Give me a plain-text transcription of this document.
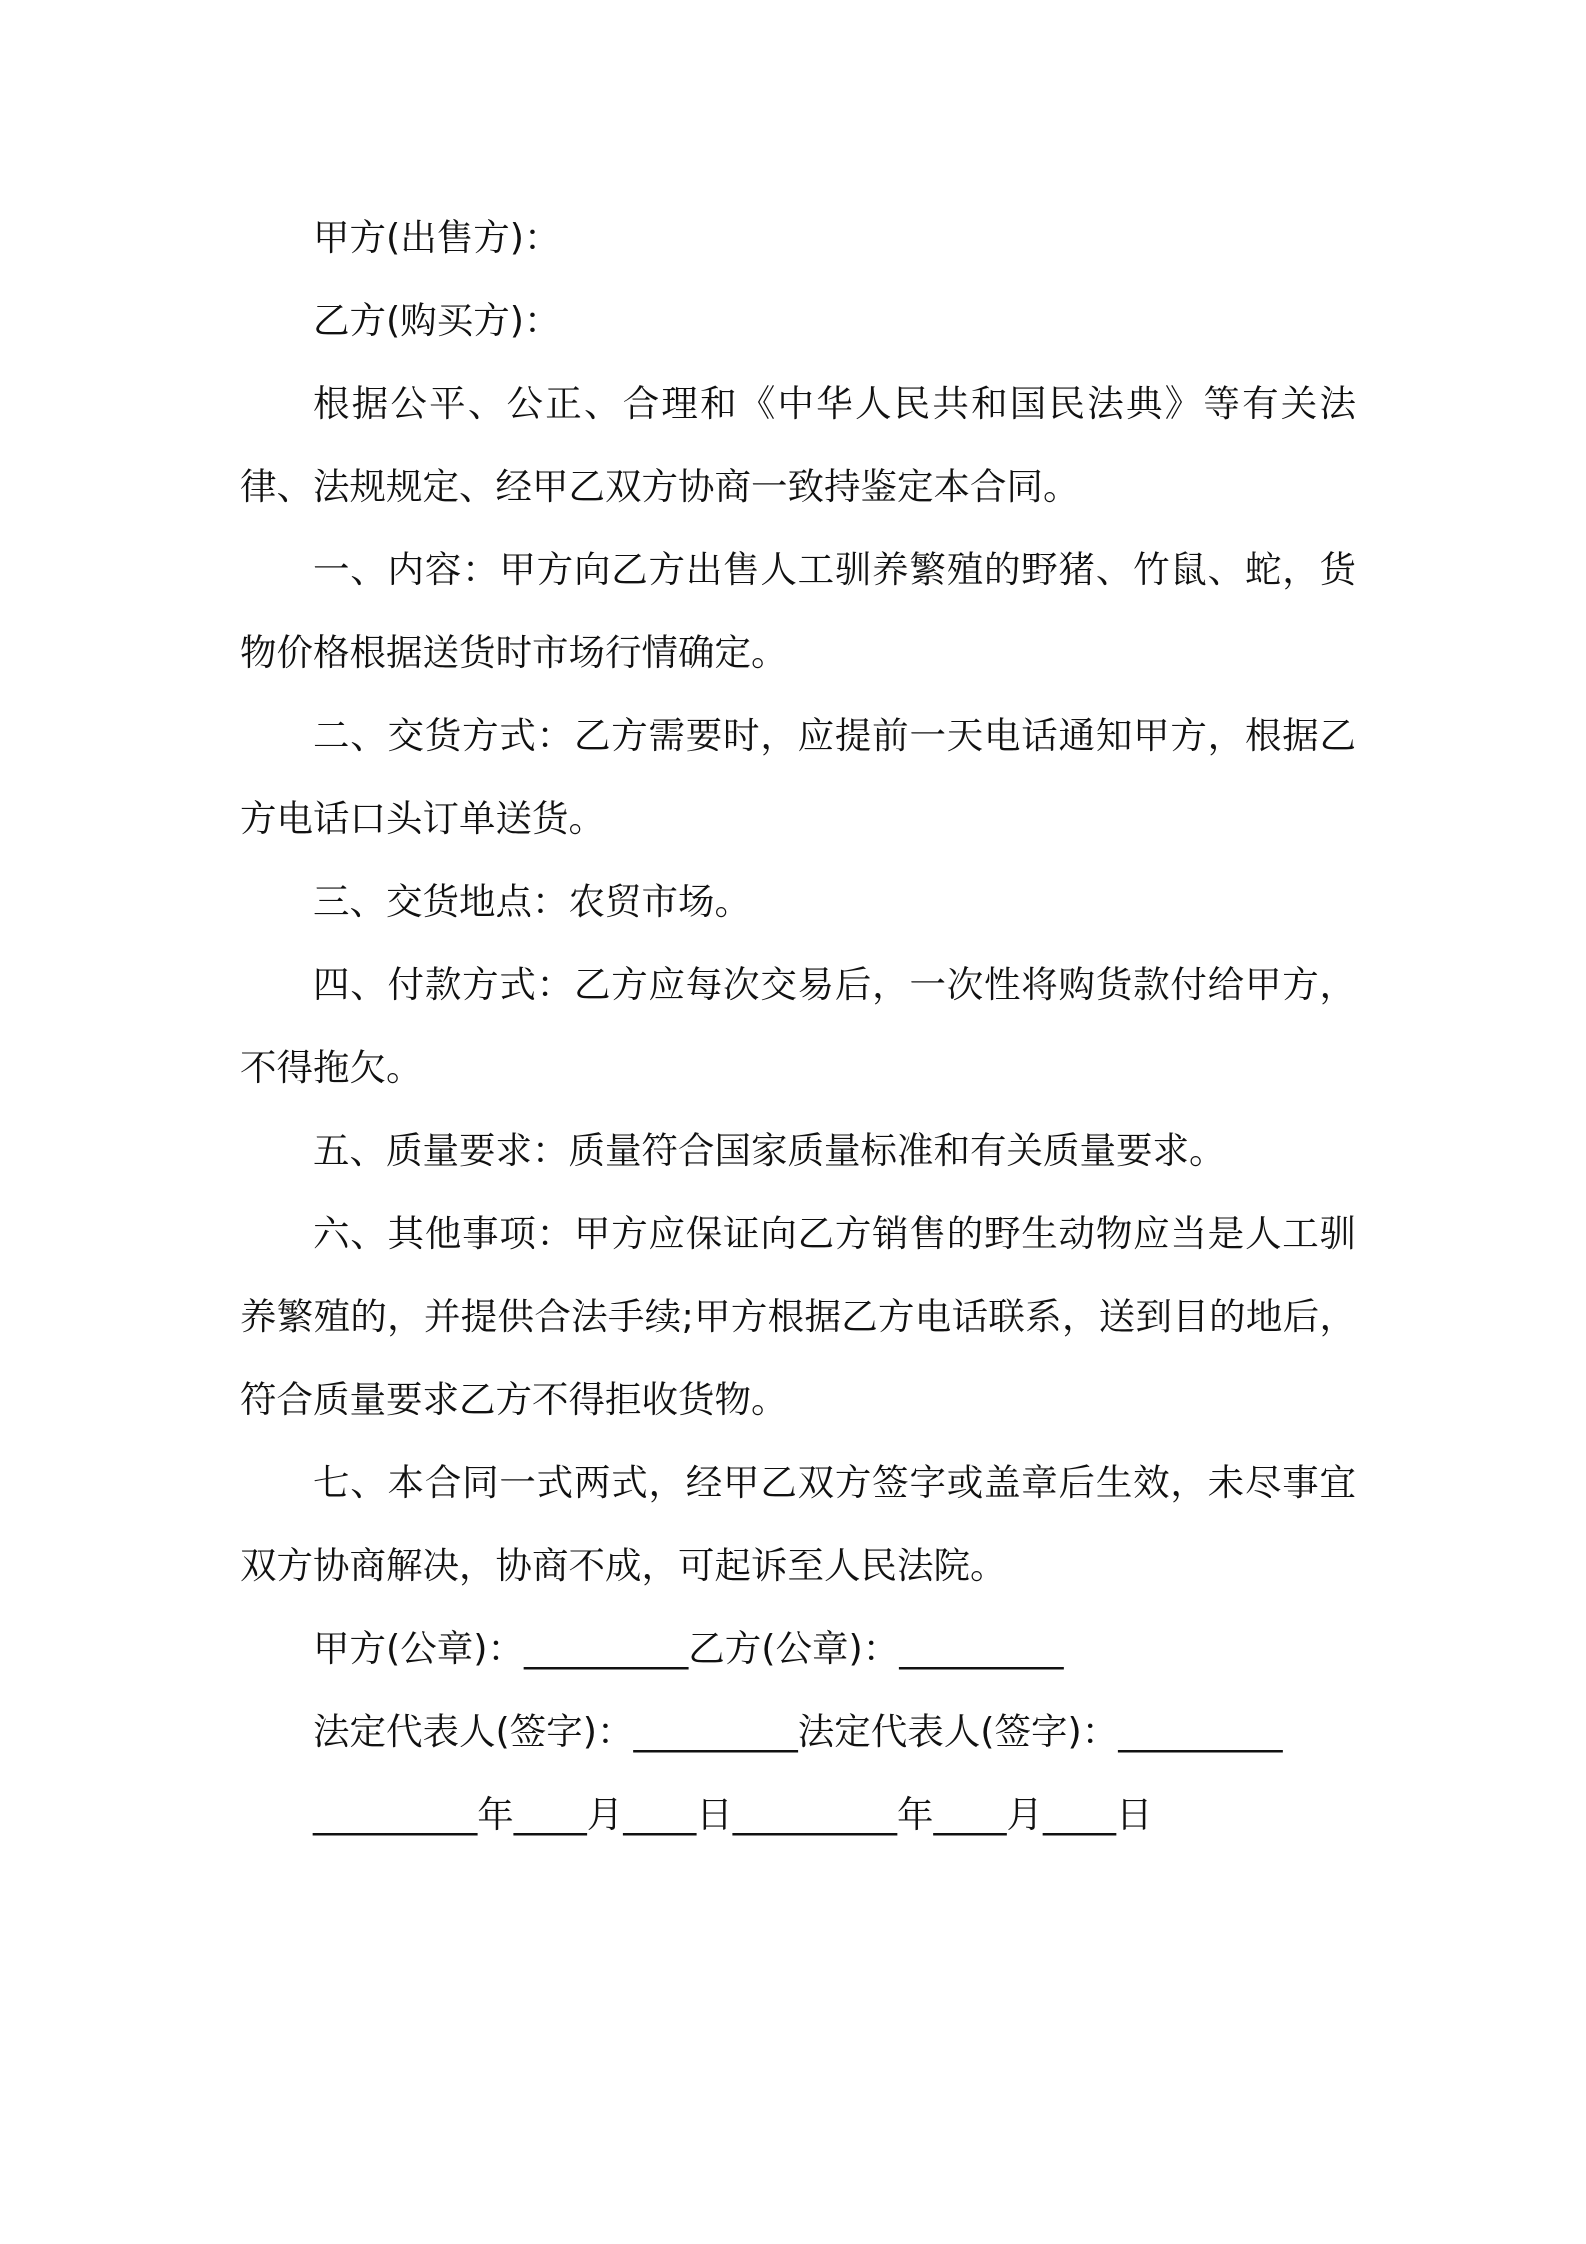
甲方(出售方)：

乙方(购买方)：

根据公平、公正、合理和《中华人民共和国民法典》等有关法律、法规规定、经甲乙双方协商一致持鉴定本合同。

一、内容：甲方向乙方出售人工驯养繁殖的野猪、竹鼠、蛇，货物价格根据送货时市场行情确定。

二、交货方式：乙方需要时，应提前一天电话通知甲方，根据乙方电话口头订单送货。

三、交货地点：农贸市场。

四、付款方式：乙方应每次交易后，一次性将购货款付给甲方，不得拖欠。

五、质量要求：质量符合国家质量标准和有关质量要求。

六、其他事项：甲方应保证向乙方销售的野生动物应当是人工驯养繁殖的，并提供合法手续;甲方根据乙方电话联系，送到目的地后，符合质量要求乙方不得拒收货物。

七、本合同一式两式，经甲乙双方签字或盖章后生效，未尽事宜双方协商解决，协商不成，可起诉至人民法院。

甲方(公章)：_________乙方(公章)：_________

法定代表人(签字)：_________法定代表人(签字)：_________

_________年____月____日_________年____月____日
